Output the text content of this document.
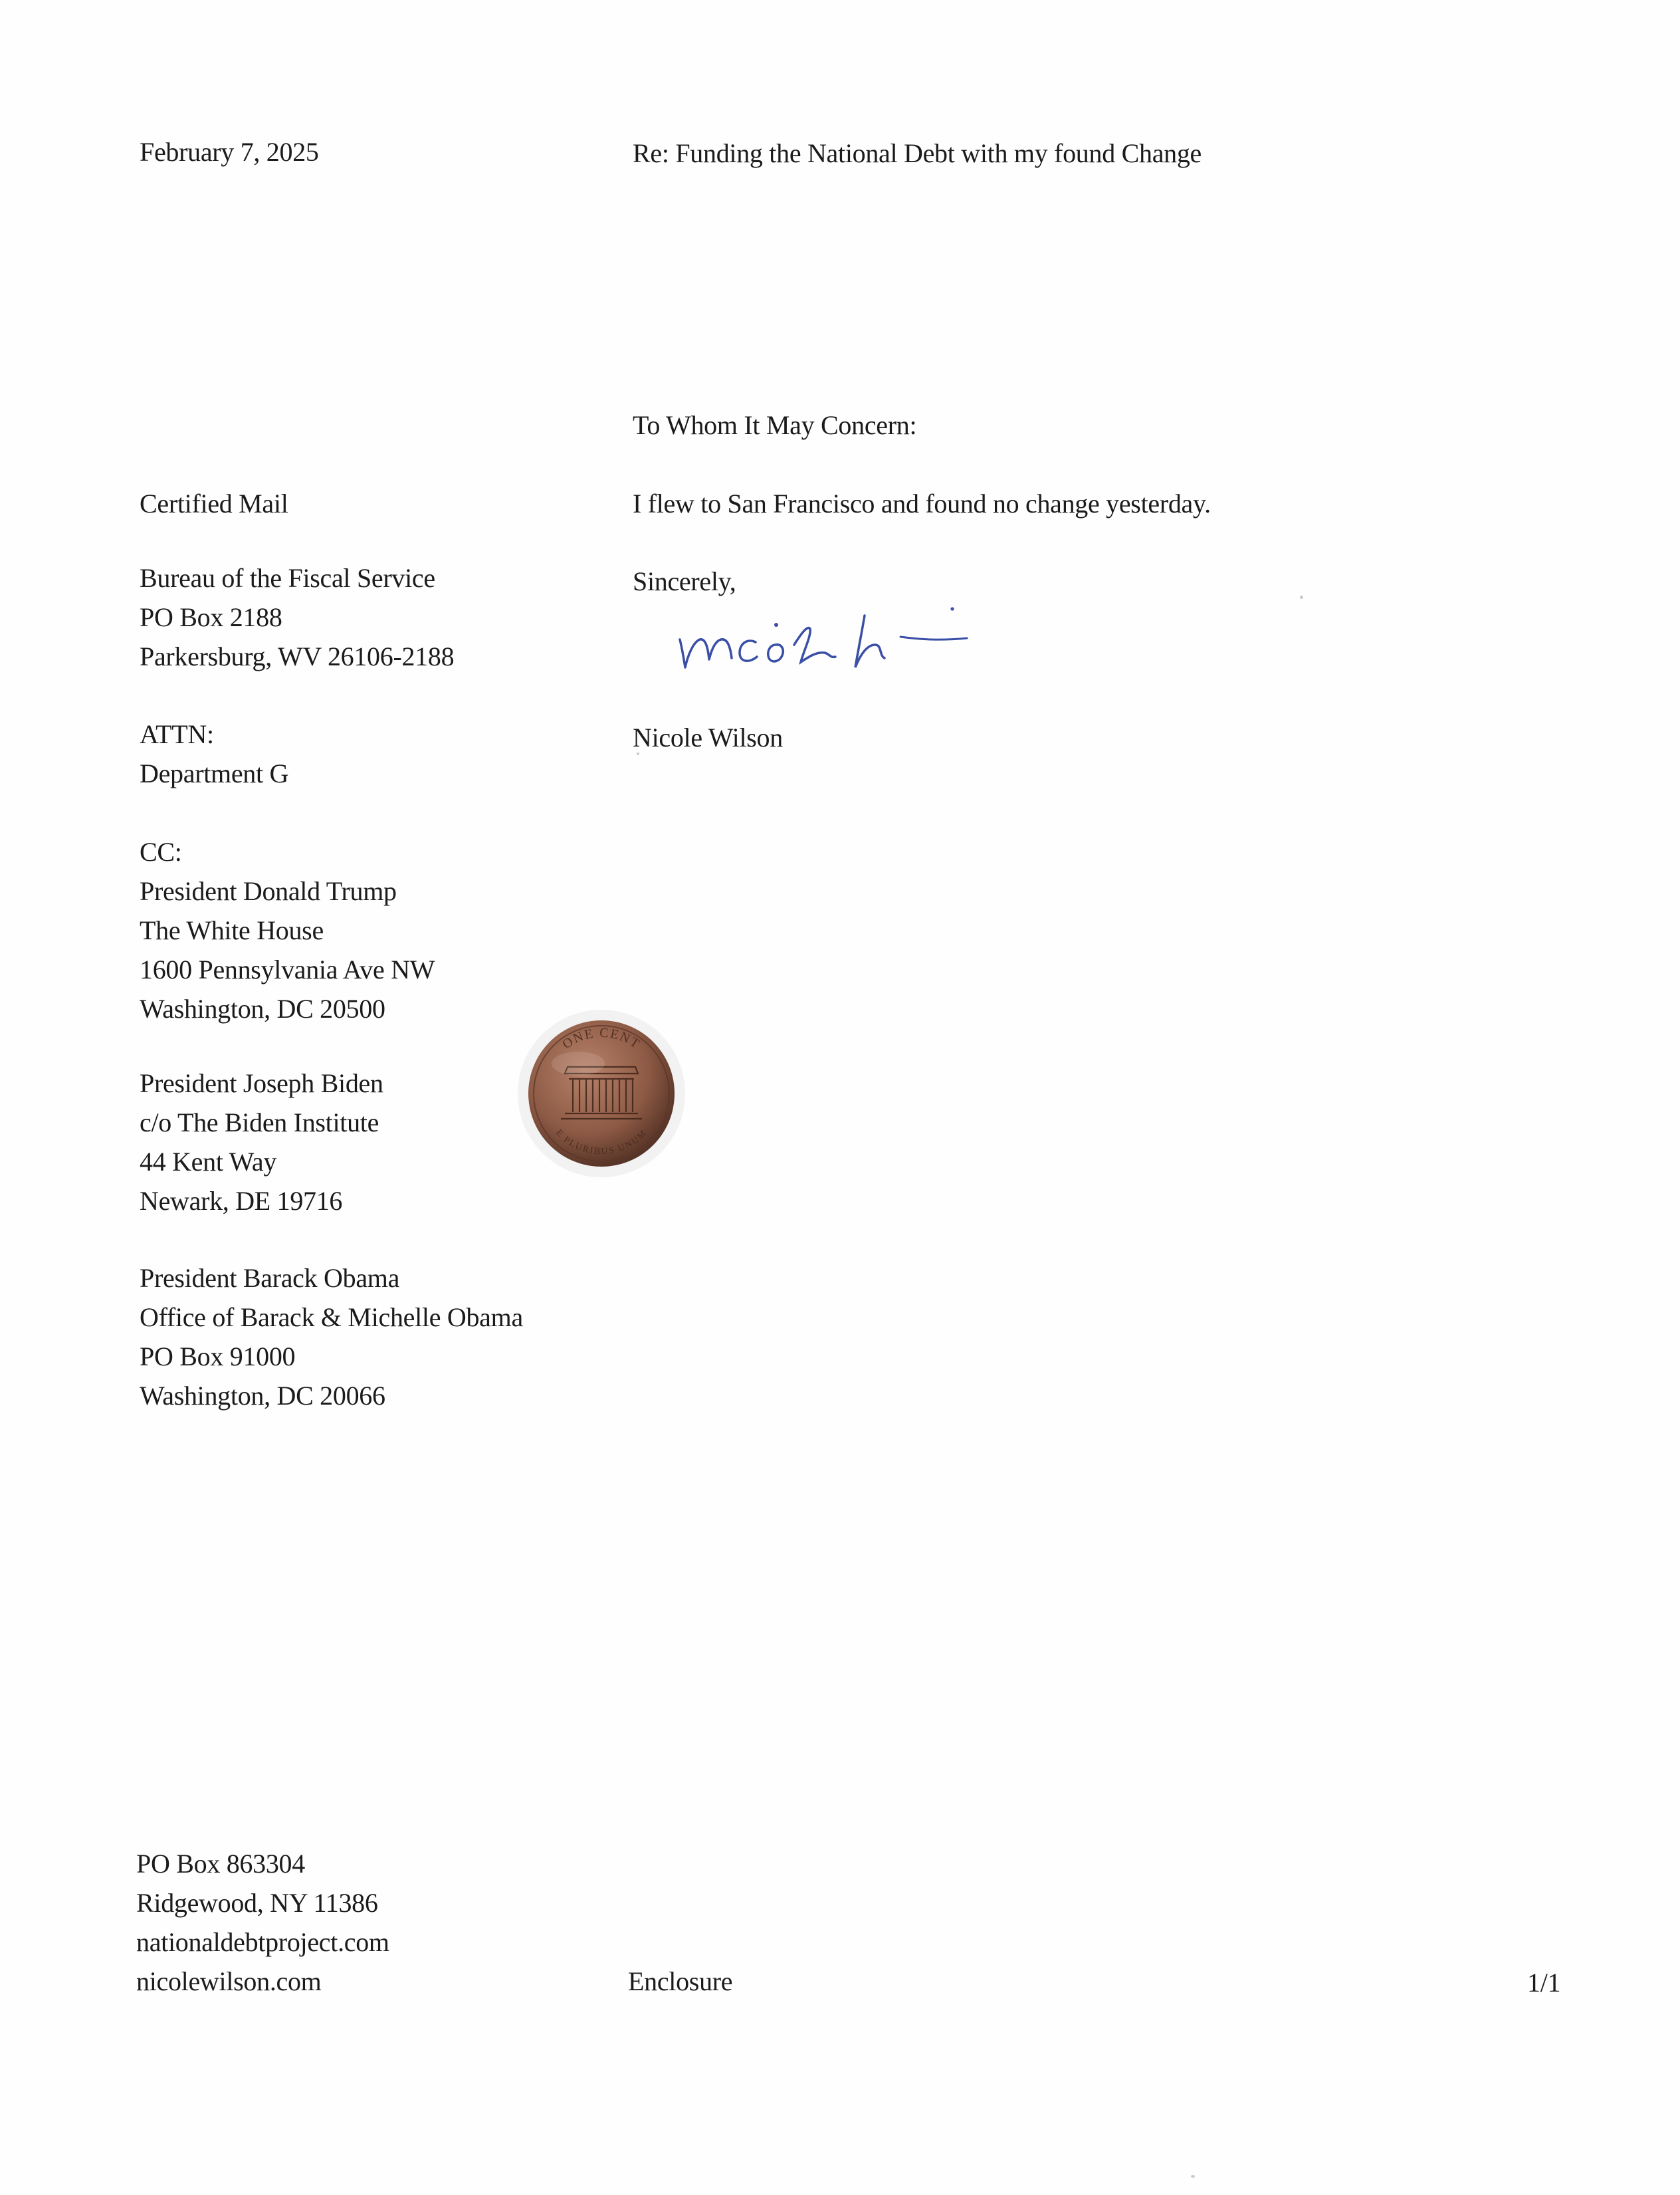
February 7, 2025	Re: Funding the National Debt with my found Change
To Whom It May Concern:
I flew to San Francisco and found no change yesterday.
Sincerely,
Nicole Wilson
Certified Mail
Bureau of the Fiscal Service
PO Box 2188
Parkersburg, WV 26106-2188
ATTN:
Department G
CC:
President Donald Trump
The White House
1600 Pennsylvania Ave NW
Washington, DC 20500
President Joseph Biden
c/o The Biden Institute
44 Kent Way
Newark, DE 19716
President Barack Obama
Office of Barack & Michelle Obama
PO Box 91000
Washington, DC 20066
ONE CENT
E PLURIBUS UNUM
PO Box 863304
Ridgewood, NY 11386
nationaldebtproject.com
nicolewilson.com	Enclosure	1/1
